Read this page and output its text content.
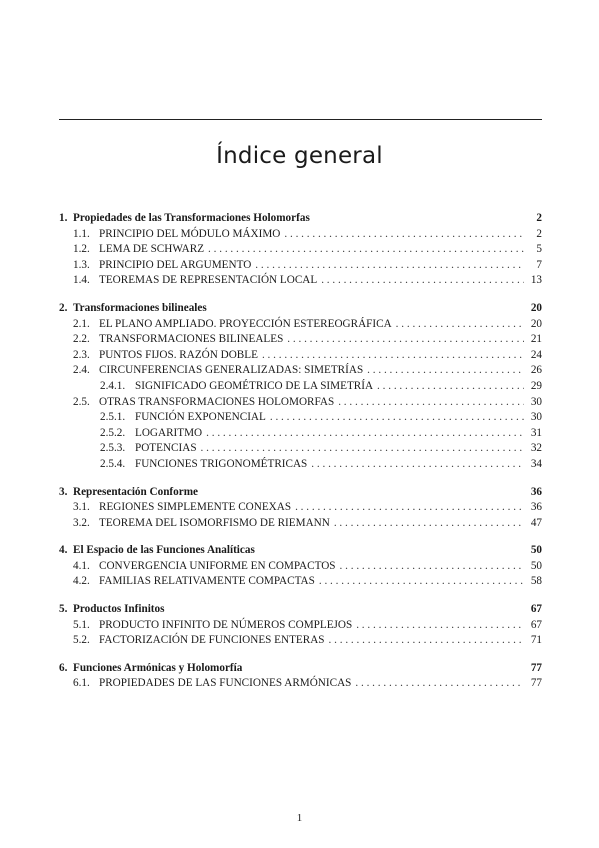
Índice general
1. Propiedades de las Transformaciones Holomorfas	2
1.1. PRINCIPIO DEL MÓDULO MÁXIMO . . .	2
1.2. LEMA DE SCHWARZ . . .	5
1.3. PRINCIPIO DEL ARGUMENTO . . .	7
1.4. TEOREMAS DE REPRESENTACIÓN LOCAL . . .	13
2. Transformaciones bilineales	20
2.1. EL PLANO AMPLIADO. PROYECCIÓN ESTEREOGRÁFICA . . .	20
2.2. TRANSFORMACIONES BILINEALES . . .	21
2.3. PUNTOS FIJOS. RAZÓN DOBLE . . .	24
2.4. CIRCUNFERENCIAS GENERALIZADAS: SIMETRÍAS . . .	26
2.4.1. SIGNIFICADO GEOMÉTRICO DE LA SIMETRÍA . . .	29
2.5. OTRAS TRANSFORMACIONES HOLOMORFAS . . .	30
2.5.1. FUNCIÓN EXPONENCIAL . . .	30
2.5.2. LOGARITMO . . .	31
2.5.3. POTENCIAS . . .	32
2.5.4. FUNCIONES TRIGONOMÉTRICAS . . .	34
3. Representación Conforme	36
3.1. REGIONES SIMPLEMENTE CONEXAS . . .	36
3.2. TEOREMA DEL ISOMORFISMO DE RIEMANN . . .	47
4. El Espacio de las Funciones Analíticas	50
4.1. CONVERGENCIA UNIFORME EN COMPACTOS . . .	50
4.2. FAMILIAS RELATIVAMENTE COMPACTAS . . .	58
5. Productos Infinitos	67
5.1. PRODUCTO INFINITO DE NÚMEROS COMPLEJOS . . .	67
5.2. FACTORIZACIÓN DE FUNCIONES ENTERAS . . .	71
6. Funciones Armónicas y Holomorfía	77
6.1. PROPIEDADES DE LAS FUNCIONES ARMÓNICAS . . .	77
1
